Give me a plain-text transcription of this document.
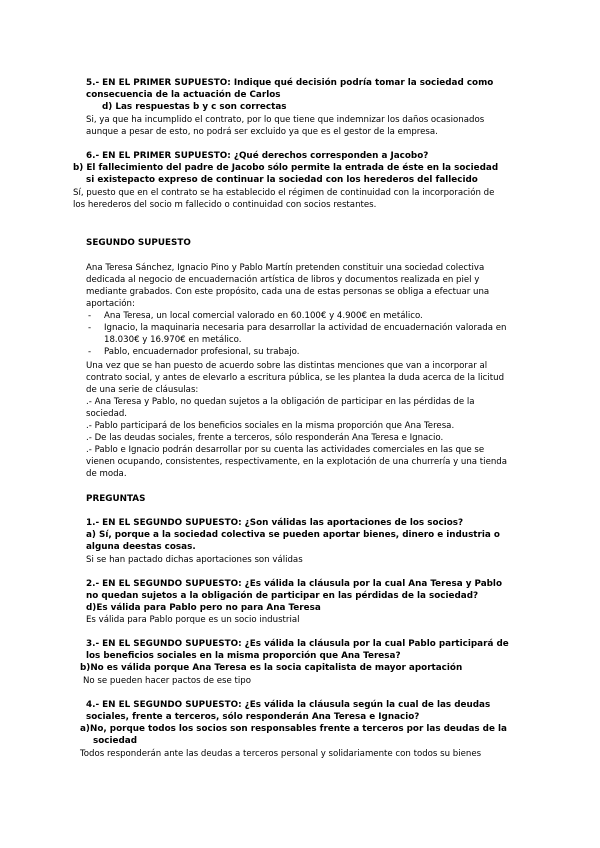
5.- EN EL PRIMER SUPUESTO: Indique qué decisión podría tomar la sociedad como
consecuencia de la actuación de Carlos
d) Las respuestas b y c son correctas
Si, ya que ha incumplido el contrato, por lo que tiene que indemnizar los daños ocasionados
aunque a pesar de esto, no podrá ser excluido ya que es el gestor de la empresa.
6.- EN EL PRIMER SUPUESTO: ¿Qué derechos corresponden a Jacobo?
b) El fallecimiento del padre de Jacobo sólo permite la entrada de éste en la sociedad
si existepacto expreso de continuar la sociedad con los herederos del fallecido
Sí, puesto que en el contrato se ha establecido el régimen de continuidad con la incorporación de
los herederos del socio m fallecido o continuidad con socios restantes.
SEGUNDO SUPUESTO
Ana Teresa Sánchez, Ignacio Pino y Pablo Martín pretenden constituir una sociedad colectiva
dedicada al negocio de encuadernación artística de libros y documentos realizada en piel y
mediante grabados. Con este propósito, cada una de estas personas se obliga a efectuar una
aportación:
- Ana Teresa, un local comercial valorado en 60.100€ y 4.900€ en metálico.
- Ignacio, la maquinaria necesaria para desarrollar la actividad de encuadernación valorada en
18.030€ y 16.970€ en metálico.
- Pablo, encuadernador profesional, su trabajo.
Una vez que se han puesto de acuerdo sobre las distintas menciones que van a incorporar al
contrato social, y antes de elevarlo a escritura pública, se les plantea la duda acerca de la licitud
de una serie de cláusulas:
.- Ana Teresa y Pablo, no quedan sujetos a la obligación de participar en las pérdidas de la
sociedad.
.- Pablo participará de los beneficios sociales en la misma proporción que Ana Teresa.
.- De las deudas sociales, frente a terceros, sólo responderán Ana Teresa e Ignacio.
.- Pablo e Ignacio podrán desarrollar por su cuenta las actividades comerciales en las que se
vienen ocupando, consistentes, respectivamente, en la explotación de una churrería y una tienda
de moda.
PREGUNTAS
1.- EN EL SEGUNDO SUPUESTO: ¿Son válidas las aportaciones de los socios?
a) Sí, porque a la sociedad colectiva se pueden aportar bienes, dinero e industria o
alguna deestas cosas.
Si se han pactado dichas aportaciones son válidas
2.- EN EL SEGUNDO SUPUESTO: ¿Es válida la cláusula por la cual Ana Teresa y Pablo
no quedan sujetos a la obligación de participar en las pérdidas de la sociedad?
d)Es válida para Pablo pero no para Ana Teresa
Es válida para Pablo porque es un socio industrial
3.- EN EL SEGUNDO SUPUESTO: ¿Es válida la cláusula por la cual Pablo participará de
los beneficios sociales en la misma proporción que Ana Teresa?
b)No es válida porque Ana Teresa es la socia capitalista de mayor aportación
No se pueden hacer pactos de ese tipo
4.- EN EL SEGUNDO SUPUESTO: ¿Es válida la cláusula según la cual de las deudas
sociales, frente a terceros, sólo responderán Ana Teresa e Ignacio?
a)No, porque todos los socios son responsables frente a terceros por las deudas de la
sociedad
Todos responderán ante las deudas a terceros personal y solidariamente con todos su bienes
